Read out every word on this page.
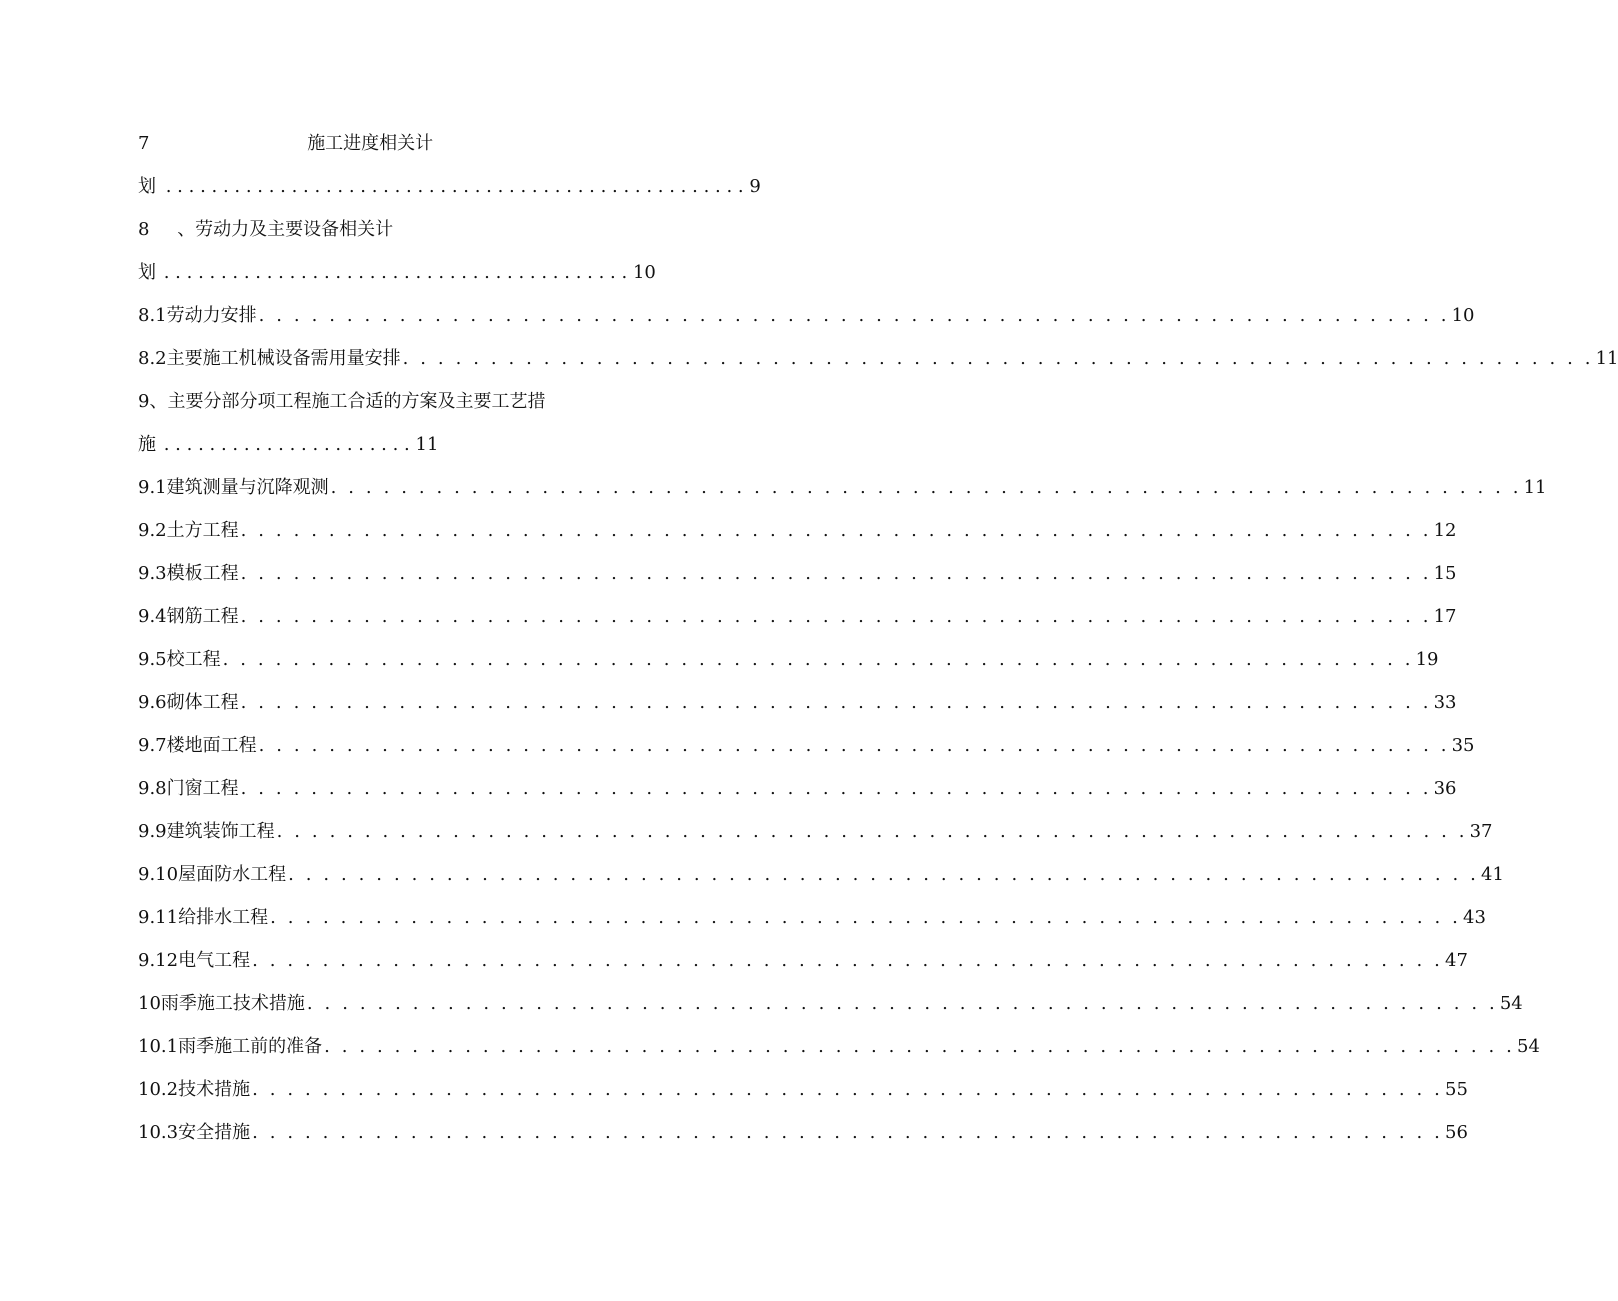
7	施工进度相关计
划 . . . . . . . . . . . . . . . . . . . . . . . . . . . . . . . . . . . . . . . . . . . . . . . . . . . 9
8 、劳动力及主要设备相关计
划 . . . . . . . . . . . . . . . . . . . . . . . . . . . . . . . . . . . . . . . . . 10
8.1 劳动力安排 . . . . . . . . . . . . . . . . . . . . . . . . . . . . . . . . . . . . . . . . . . . . . . . . . . . . . . . . . . . . . . . . . . . . 10
8.2 主要施工机械设备需用量安排 . . . . . . . . . . . . . . . . . . . . . . . . . . . . . . . . . . . . . . . . . . . . . . . . . . . . . . . . . . . . . . . . . . . . 11
9、主要分部分项工程施工合适的方案及主要工艺措
施 . . . . . . . . . . . . . . . . . . . . . . 11
9.1 建筑测量与沉降观测 . . . . . . . . . . . . . . . . . . . . . . . . . . . . . . . . . . . . . . . . . . . . . . . . . . . . . . . . . . . . . . . . . . . . 11
9.2 土方工程 . . . . . . . . . . . . . . . . . . . . . . . . . . . . . . . . . . . . . . . . . . . . . . . . . . . . . . . . . . . . . . . . . . . . 12
9.3 模板工程 . . . . . . . . . . . . . . . . . . . . . . . . . . . . . . . . . . . . . . . . . . . . . . . . . . . . . . . . . . . . . . . . . . . . 15
9.4 钢筋工程 . . . . . . . . . . . . . . . . . . . . . . . . . . . . . . . . . . . . . . . . . . . . . . . . . . . . . . . . . . . . . . . . . . . . 17
9.5 校工程 . . . . . . . . . . . . . . . . . . . . . . . . . . . . . . . . . . . . . . . . . . . . . . . . . . . . . . . . . . . . . . . . . . . . 19
9.6 砌体工程 . . . . . . . . . . . . . . . . . . . . . . . . . . . . . . . . . . . . . . . . . . . . . . . . . . . . . . . . . . . . . . . . . . . . 33
9.7 楼地面工程 . . . . . . . . . . . . . . . . . . . . . . . . . . . . . . . . . . . . . . . . . . . . . . . . . . . . . . . . . . . . . . . . . . . . 35
9.8 门窗工程 . . . . . . . . . . . . . . . . . . . . . . . . . . . . . . . . . . . . . . . . . . . . . . . . . . . . . . . . . . . . . . . . . . . . 36
9.9 建筑装饰工程 . . . . . . . . . . . . . . . . . . . . . . . . . . . . . . . . . . . . . . . . . . . . . . . . . . . . . . . . . . . . . . . . . . . . 37
9.10 屋面防水工程 . . . . . . . . . . . . . . . . . . . . . . . . . . . . . . . . . . . . . . . . . . . . . . . . . . . . . . . . . . . . . . . . . . . . 41
9.11 给排水工程 . . . . . . . . . . . . . . . . . . . . . . . . . . . . . . . . . . . . . . . . . . . . . . . . . . . . . . . . . . . . . . . . . . . . 43
9.12 电气工程 . . . . . . . . . . . . . . . . . . . . . . . . . . . . . . . . . . . . . . . . . . . . . . . . . . . . . . . . . . . . . . . . . . . . 47
10 雨季施工技术措施 . . . . . . . . . . . . . . . . . . . . . . . . . . . . . . . . . . . . . . . . . . . . . . . . . . . . . . . . . . . . . . . . . . . . 54
10.1 雨季施工前的准备 . . . . . . . . . . . . . . . . . . . . . . . . . . . . . . . . . . . . . . . . . . . . . . . . . . . . . . . . . . . . . . . . . . . . 54
10.2 技术措施 . . . . . . . . . . . . . . . . . . . . . . . . . . . . . . . . . . . . . . . . . . . . . . . . . . . . . . . . . . . . . . . . . . . . 55
10.3 安全措施 . . . . . . . . . . . . . . . . . . . . . . . . . . . . . . . . . . . . . . . . . . . . . . . . . . . . . . . . . . . . . . . . . . . . 56
